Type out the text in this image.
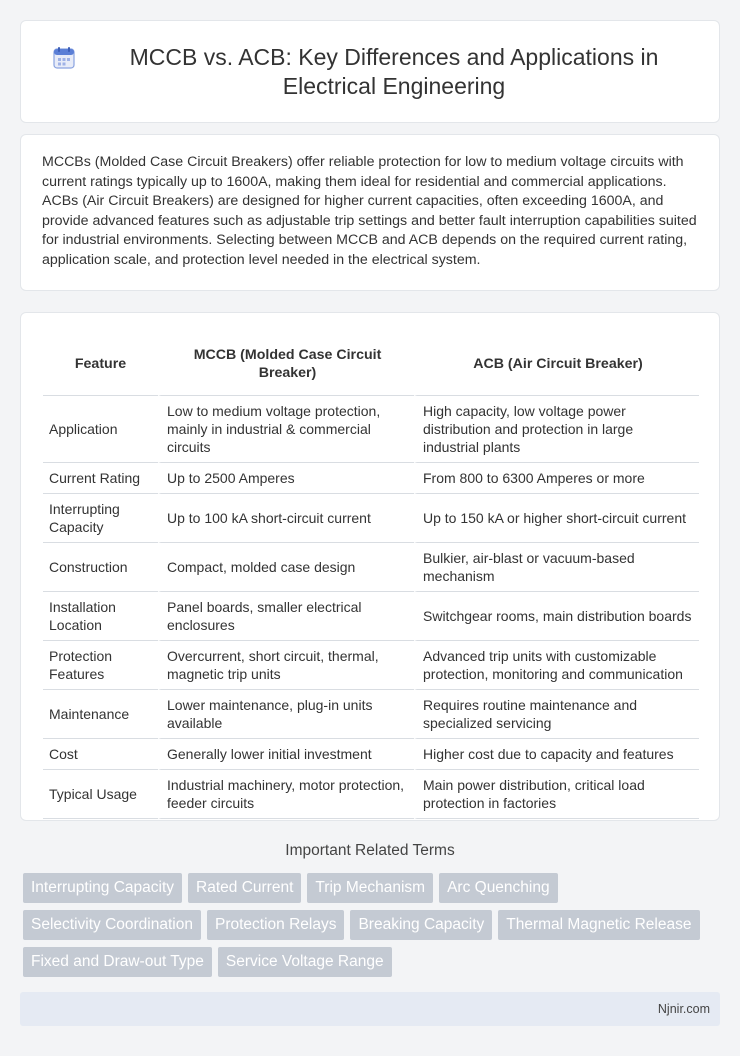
MCCB vs. ACB: Key Differences and Applications in Electrical Engineering

MCCBs (Molded Case Circuit Breakers) offer reliable protection for low to medium voltage circuits with current ratings typically up to 1600A, making them ideal for residential and commercial applications. ACBs (Air Circuit Breakers) are designed for higher current capacities, often exceeding 1600A, and provide advanced features such as adjustable trip settings and better fault interruption capabilities suited for industrial environments. Selecting between MCCB and ACB depends on the required current rating, application scale, and protection level needed in the electrical system.

Feature	MCCB (Molded Case Circuit Breaker)	ACB (Air Circuit Breaker)
Application	Low to medium voltage protection, mainly in industrial & commercial circuits	High capacity, low voltage power distribution and protection in large industrial plants
Current Rating	Up to 2500 Amperes	From 800 to 6300 Amperes or more
Interrupting Capacity	Up to 100 kA short-circuit current	Up to 150 kA or higher short-circuit current
Construction	Compact, molded case design	Bulkier, air-blast or vacuum-based mechanism
Installation Location	Panel boards, smaller electrical enclosures	Switchgear rooms, main distribution boards
Protection Features	Overcurrent, short circuit, thermal, magnetic trip units	Advanced trip units with customizable protection, monitoring and communication
Maintenance	Lower maintenance, plug-in units available	Requires routine maintenance and specialized servicing
Cost	Generally lower initial investment	Higher cost due to capacity and features
Typical Usage	Industrial machinery, motor protection, feeder circuits	Main power distribution, critical load protection in factories
Important Related Terms
Interrupting Capacity	Rated Current	Trip Mechanism	Arc Quenching
Selectivity Coordination	Protection Relays	Breaking Capacity	Thermal Magnetic Release
Fixed and Draw-out Type	Service Voltage Range
Njnir.com
